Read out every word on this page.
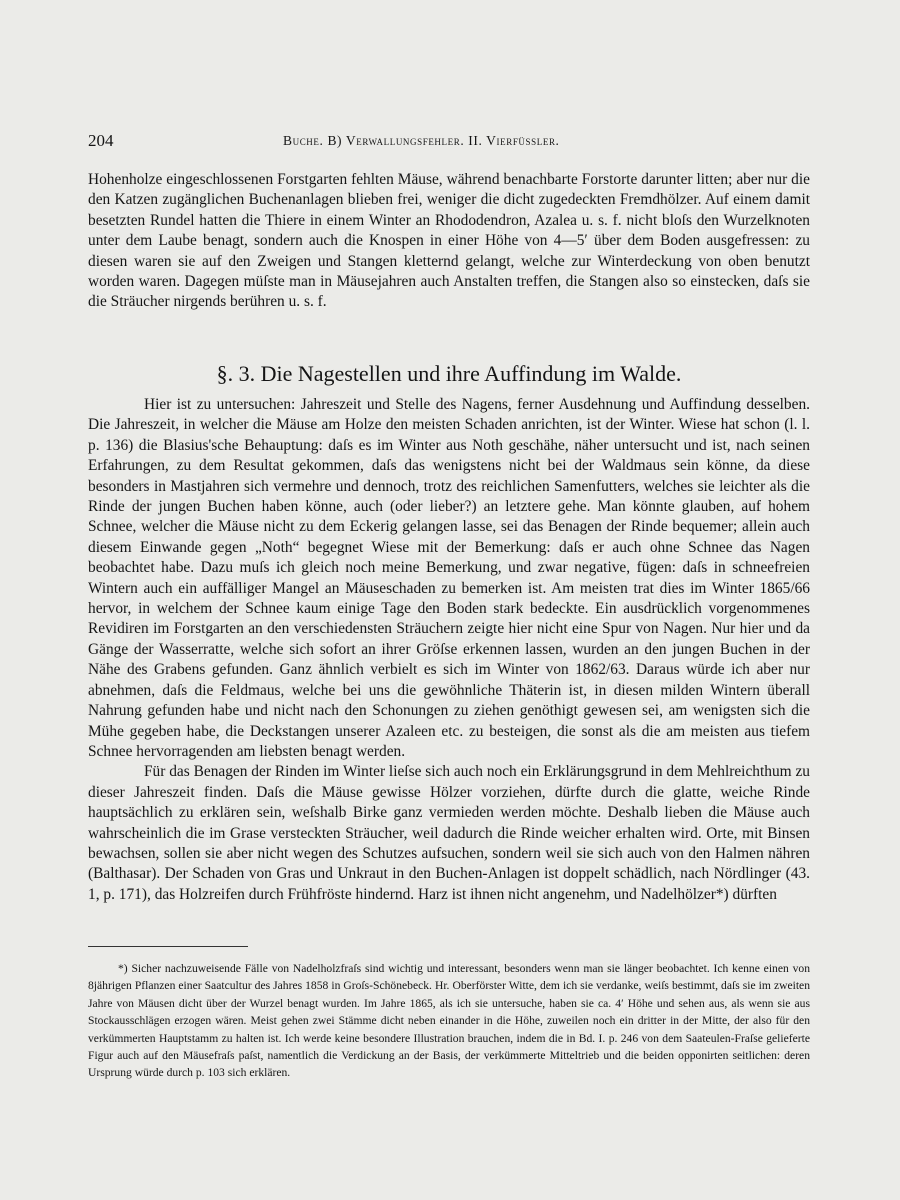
204	Buche. B) Verwallungsfehler. II. Vierfüssler.

Hohenholze eingeschlossenen Forstgarten fehlten Mäuse, während benachbarte Forstorte darunter litten; aber nur die den Katzen zugänglichen Buchenanlagen blieben frei, weniger die dicht zugedeckten Fremdhölzer. Auf einem damit besetzten Rundel hatten die Thiere in einem Winter an Rhododendron, Azalea u. s. f. nicht bloſs den Wurzelknoten unter dem Laube benagt, sondern auch die Knospen in einer Höhe von 4—5′ über dem Boden ausgefressen: zu diesen waren sie auf den Zweigen und Stangen kletternd gelangt, welche zur Winterdeckung von oben benutzt worden waren. Dagegen müſste man in Mäusejahren auch Anstalten treffen, die Stangen also so einstecken, daſs sie die Sträucher nirgends berühren u. s. f.

§. 3. Die Nagestellen und ihre Auffindung im Walde.

Hier ist zu untersuchen: Jahreszeit und Stelle des Nagens, ferner Ausdehnung und Auffindung desselben. Die Jahreszeit, in welcher die Mäuse am Holze den meisten Schaden anrichten, ist der Winter. Wiese hat schon (l. l. p. 136) die Blasius'sche Behauptung: daſs es im Winter aus Noth geschähe, näher untersucht und ist, nach seinen Erfahrungen, zu dem Resultat gekommen, daſs das wenigstens nicht bei der Waldmaus sein könne, da diese besonders in Mastjahren sich vermehre und dennoch, trotz des reichlichen Samenfutters, welches sie leichter als die Rinde der jungen Buchen haben könne, auch (oder lieber?) an letztere gehe. Man könnte glauben, auf hohem Schnee, welcher die Mäuse nicht zu dem Eckerig gelangen lasse, sei das Benagen der Rinde bequemer; allein auch diesem Einwande gegen „Noth“ begegnet Wiese mit der Bemerkung: daſs er auch ohne Schnee das Nagen beobachtet habe. Dazu muſs ich gleich noch meine Bemerkung, und zwar negative, fügen: daſs in schneefreien Wintern auch ein auffälliger Mangel an Mäuseschaden zu bemerken ist. Am meisten trat dies im Winter 1865/66 hervor, in welchem der Schnee kaum einige Tage den Boden stark bedeckte. Ein ausdrücklich vorgenommenes Revidiren im Forstgarten an den verschiedensten Sträuchern zeigte hier nicht eine Spur von Nagen. Nur hier und da Gänge der Wasserratte, welche sich sofort an ihrer Gröſse erkennen lassen, wurden an den jungen Buchen in der Nähe des Grabens gefunden. Ganz ähnlich verbielt es sich im Winter von 1862/63. Daraus würde ich aber nur abnehmen, daſs die Feldmaus, welche bei uns die gewöhnliche Thäterin ist, in diesen milden Wintern überall Nahrung gefunden habe und nicht nach den Schonungen zu ziehen genöthigt gewesen sei, am wenigsten sich die Mühe gegeben habe, die Deckstangen unserer Azaleen etc. zu besteigen, die sonst als die am meisten aus tiefem Schnee hervorragenden am liebsten benagt werden.

Für das Benagen der Rinden im Winter lieſse sich auch noch ein Erklärungsgrund in dem Mehlreichthum zu dieser Jahreszeit finden. Daſs die Mäuse gewisse Hölzer vorziehen, dürfte durch die glatte, weiche Rinde hauptsächlich zu erklären sein, weſshalb Birke ganz vermieden werden möchte. Deshalb lieben die Mäuse auch wahrscheinlich die im Grase versteckten Sträucher, weil dadurch die Rinde weicher erhalten wird. Orte, mit Binsen bewachsen, sollen sie aber nicht wegen des Schutzes aufsuchen, sondern weil sie sich auch von den Halmen nähren (Balthasar). Der Schaden von Gras und Unkraut in den Buchen-Anlagen ist doppelt schädlich, nach Nördlinger (43. 1, p. 171), das Holzreifen durch Frühfröste hindernd. Harz ist ihnen nicht angenehm, und Nadelhölzer*) dürften

*) Sicher nachzuweisende Fälle von Nadelholzfraſs sind wichtig und interessant, besonders wenn man sie länger beobachtet. Ich kenne einen von 8jährigen Pflanzen einer Saatcultur des Jahres 1858 in Groſs-Schönebeck. Hr. Oberförster Witte, dem ich sie verdanke, weiſs bestimmt, daſs sie im zweiten Jahre von Mäusen dicht über der Wurzel benagt wurden. Im Jahre 1865, als ich sie untersuche, haben sie ca. 4′ Höhe und sehen aus, als wenn sie aus Stockausschlägen erzogen wären. Meist gehen zwei Stämme dicht neben einander in die Höhe, zuweilen noch ein dritter in der Mitte, der also für den verkümmerten Hauptstamm zu halten ist. Ich werde keine besondere Illustration brauchen, indem die in Bd. I. p. 246 von dem Saateulen-Fraſse gelieferte Figur auch auf den Mäusefraſs paſst, namentlich die Verdickung an der Basis, der verkümmerte Mitteltrieb und die beiden opponirten seitlichen: deren Ursprung würde durch p. 103 sich erklären.
